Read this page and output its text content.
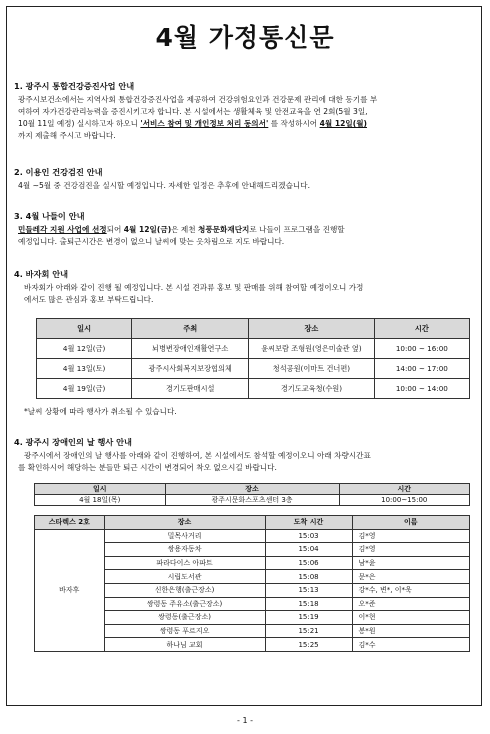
4월 가정통신문
1. 광주시 통합건강증진사업 안내

광주시보건소에서는 지역사회 통합건강증진사업을 제공하여 건강위험요인과 건강문제 관리에 대한 동기를 부

여하여 자가건강관리능력을 증진시키고자 합니다. 본 시설에서는 생활체육 및 안전교육을 연 2회(5월 3일,

10월 11일 예정) 실시하고자 하오니 '서비스 참여 및 개인정보 처리 동의서' 를 작성하시어 4월 12일(월)

까지 제출해 주시고 바랍니다.

2. 이용인 건강검진 안내

4월 ~5월 중 건강검진을 실시할 예정입니다. 자세한 일정은 추후에 안내해드리겠습니다.

3. 4월 나들이 안내

민들레각 지원 사업에 선정되어 4월 12일(금)은 제천 청풍문화재단지로 나들이 프로그램을 진행할

예정입니다. 출퇴근시간은 변경이 없으니 날씨에 맞는 옷차림으로 지도 바랍니다.

4. 바자회 안내

바자회가 아래와 같이 진행 될 예정입니다. 본 시설 견과류 홍보 및 판매를 위해 참여할 예정이오니 가정

에서도 많은 관심과 홍보 부탁드립니다.

일시	주최	장소	시간
4월 12일(금)	뇌병변장애인재활연구소	윤씨보람 조형원(영은미술관 옆)	10:00 ~ 16:00
4월 13일(토)	광주시사회복지보장협의체	청석공원(이마트 건너편)	14:00 ~ 17:00
4월 19일(금)	경기도판매시설	경기도교육청(수원)	10:00 ~ 14:00
*날씨 상황에 따라 행사가 취소될 수 있습니다.
4. 광주시 장애인의 날 행사 안내

광주시에서 장애인의 날 행사를 아래와 같이 진행하여, 본 시설에서도 참석할 예정이오니 아래 차량시간표

를 확인하시어 해당하는 분들만 퇴근 시간이 변경되어 착오 없으시길 바랍니다.

일시	장소	시간
4월 18일(목)	광주시문화스포츠센터 3층	10:00~15:00
스타렉스 2호	장소	도착 시간	이름
바자후	밀목사거리	15:03	김*영
	쌍용자동차	15:04	김*영
	파라다이스 아파트	15:06	남*윤
	시립도서관	15:08	문*은
	신한은행(출근장소)	15:13	강*수, 변*, 이*욱
	쌍령동 주유소(출근장소)	15:18	오*준
	쌍령동(출근장소)	15:19	이*현
	쌍령동 푸르지오	15:21	봉*원
	하나님 교회	15:25	김*수
- 1 -
